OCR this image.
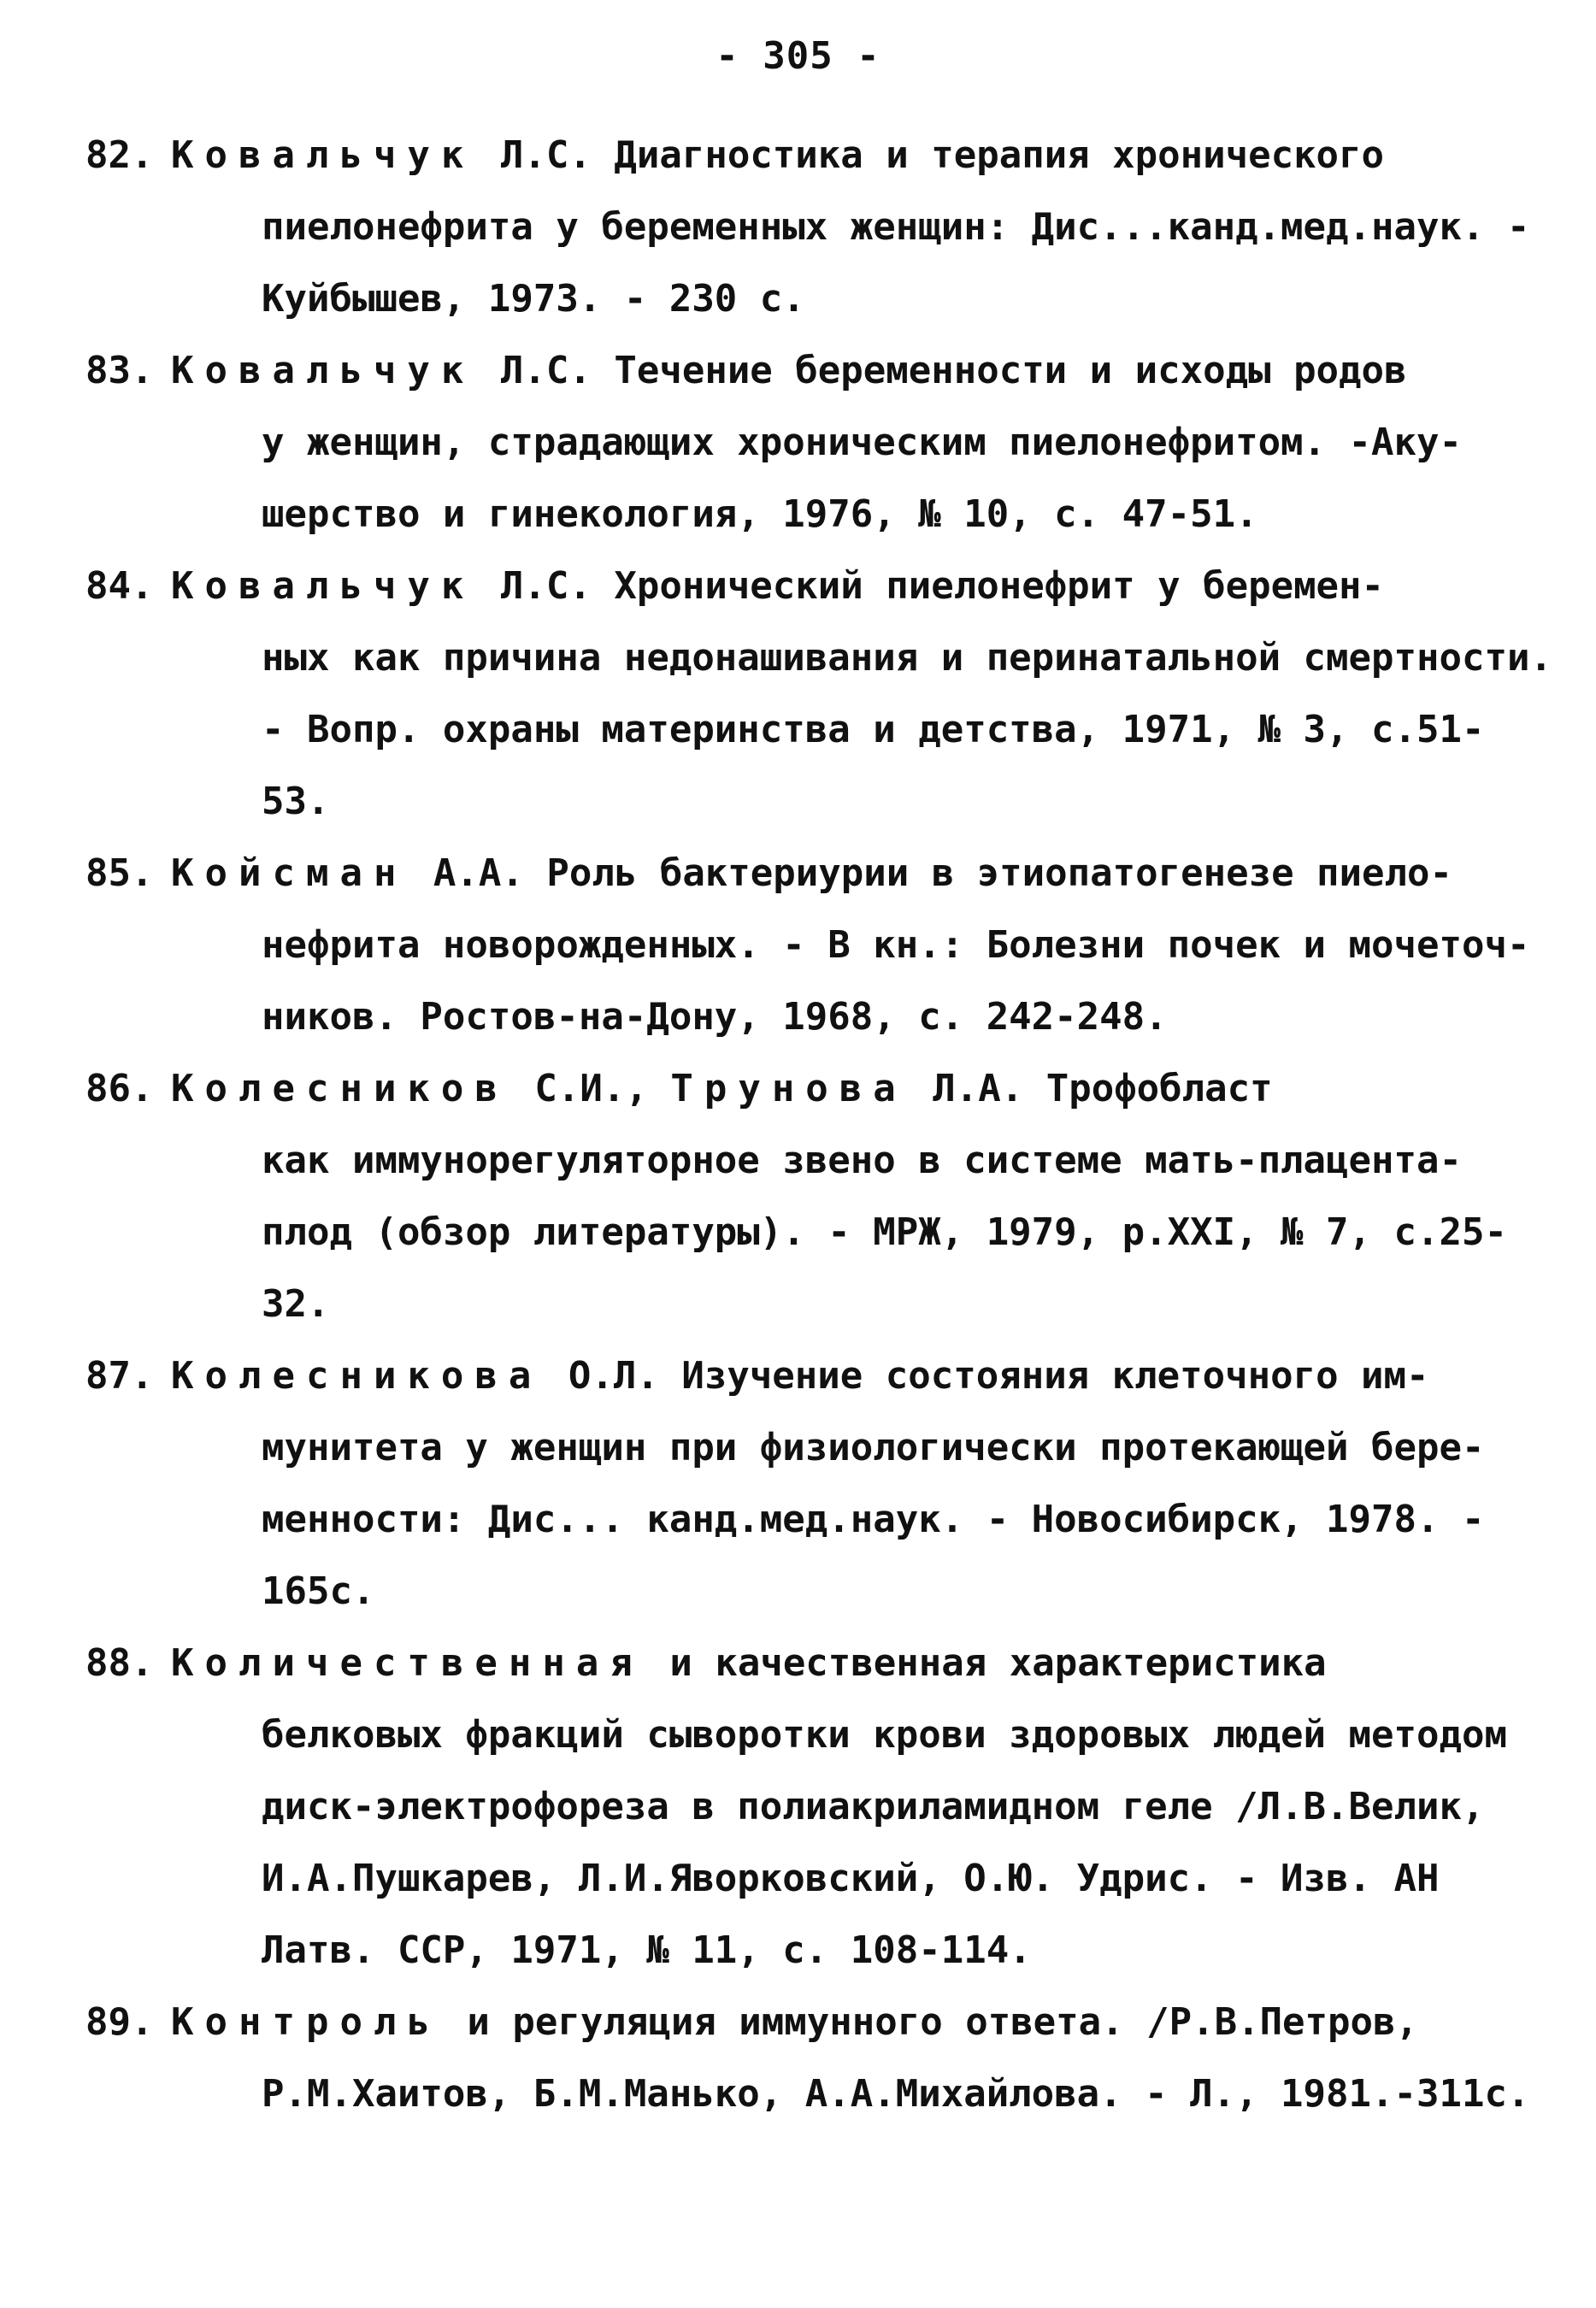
- 305 -
82. Ковальчук Л.С. Диагностика и терапия хронического
пиелонефрита у беременных женщин: Дис...канд.мед.наук. -
Куйбышев, 1973. - 230 с.
83. Ковальчук Л.С. Течение беременности и исходы родов
у женщин, страдающих хроническим пиелонефритом. -Аку-
шерство и гинекология, 1976, № 10, с. 47-51.
84. Ковальчук Л.С. Хронический пиелонефрит у беремен-
ных как причина недонашивания и перинатальной смертности.
- Вопр. охраны материнства и детства, 1971, № 3, с.51-
53.
85. Койсман А.А. Роль бактериурии в этиопатогенезе пиело-
нефрита новорожденных. - В кн.: Болезни почек и мочеточ-
ников. Ростов-на-Дону, 1968, с. 242-248.
86. Колесников С.И., Трунова Л.А. Трофобласт
как иммунорегуляторное звено в системе мать-плацента-
плод (обзор литературы). - МРЖ, 1979, р.XXI, № 7, с.25-
32.
87. Колесникова О.Л. Изучение состояния клеточного им-
мунитета у женщин при физиологически протекающей бере-
менности: Дис... канд.мед.наук. - Новосибирск, 1978. -
165с.
88. Количественная и качественная характеристика
белковых фракций сыворотки крови здоровых людей методом
диск-электрофореза в полиакриламидном геле /Л.В.Велик,
И.А.Пушкарев, Л.И.Яворковский, О.Ю. Удрис. - Изв. АН
Латв. ССР, 1971, № 11, с. 108-114.
89. Контроль и регуляция иммунного ответа. /Р.В.Петров,
Р.М.Хаитов, Б.М.Манько, А.А.Михайлова. - Л., 1981.-311с.
